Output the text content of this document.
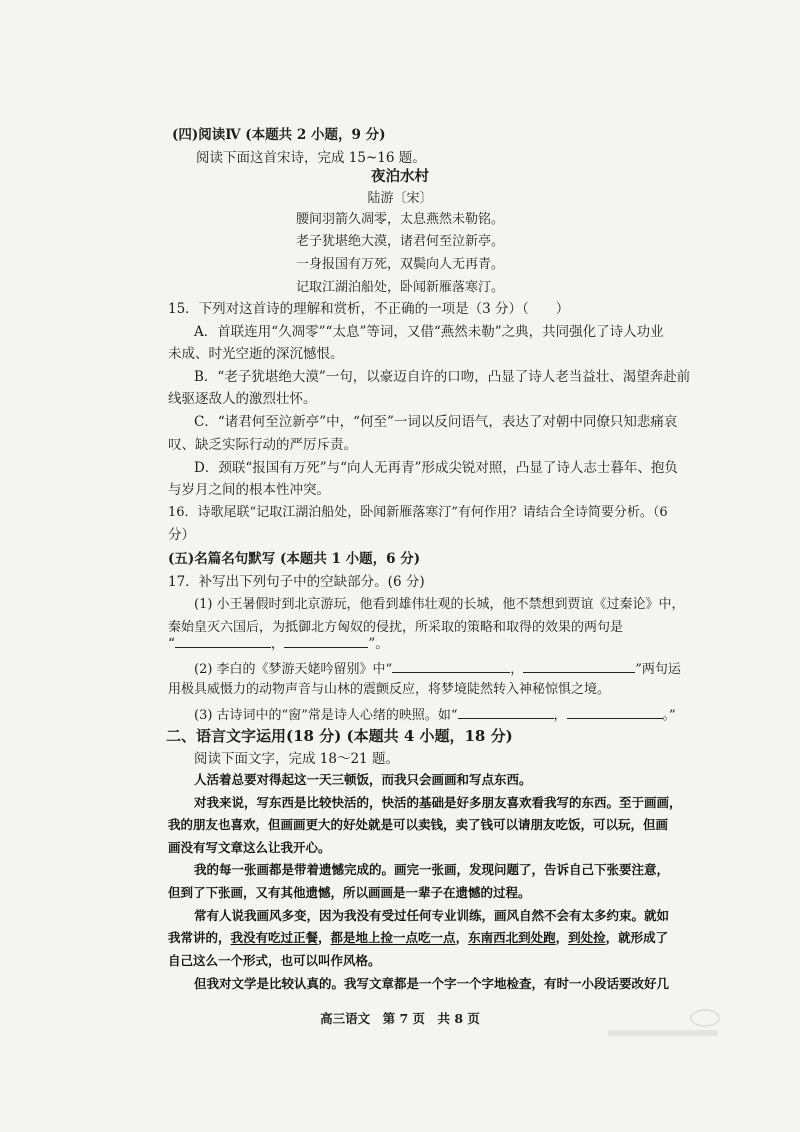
(四)阅读Ⅳ (本题共 2 小题，9 分)
阅读下面这首宋诗，完成 15~16 题。
夜泊水村
陆游〔宋〕
腰间羽箭久凋零，太息燕然未勒铭。
老子犹堪绝大漠，诸君何至泣新亭。
一身报国有万死，双鬓向人无再青。
记取江湖泊船处，卧闻新雁落寒汀。
15．下列对这首诗的理解和赏析，不正确的一项是（3 分）（　　）
A．首联连用“久凋零”“太息”等词，又借“燕然未勒”之典，共同强化了诗人功业
未成、时光空逝的深沉憾恨。
B．“老子犹堪绝大漠”一句，以豪迈自许的口吻，凸显了诗人老当益壮、渴望奔赴前
线驱逐敌人的激烈壮怀。
C．“诸君何至泣新亭”中，“何至”一词以反问语气，表达了对朝中同僚只知悲痛哀
叹、缺乏实际行动的严厉斥责。
D．颈联“报国有万死”与“向人无再青”形成尖锐对照，凸显了诗人志士暮年、抱负
与岁月之间的根本性冲突。
16．诗歌尾联“记取江湖泊船处，卧闻新雁落寒汀”有何作用？请结合全诗简要分析。（6
分）
(五)名篇名句默写 (本题共 1 小题，6 分)
17．补写出下列句子中的空缺部分。(6 分)
(1) 小王暑假时到北京游玩，他看到雄伟壮观的长城，他不禁想到贾谊《过秦论》中，
秦始皇灭六国后，为抵御北方匈奴的侵扰，所采取的策略和取得的效果的两句是
“	，	”。
(2) 李白的《梦游天姥吟留别》中“	，	”两句运
用极具威慑力的动物声音与山林的震颤反应，将梦境陡然转入神秘惊惧之境。
(3) 古诗词中的“窗”常是诗人心绪的映照。如“	，	。”
二、语言文字运用(18 分) (本题共 4 小题，18 分)
阅读下面文字，完成 18～21 题。
人活着总要对得起这一天三顿饭，而我只会画画和写点东西。
对我来说，写东西是比较快活的，快活的基础是好多朋友喜欢看我写的东西。至于画画，
我的朋友也喜欢，但画画更大的好处就是可以卖钱，卖了钱可以请朋友吃饭，可以玩，但画
画没有写文章这么让我开心。
我的每一张画都是带着遗憾完成的。画完一张画，发现问题了，告诉自己下张要注意，
但到了下张画，又有其他遗憾，所以画画是一辈子在遗憾的过程。
常有人说我画风多变，因为我没有受过任何专业训练，画风自然不会有太多约束。就如
我常讲的，我没有吃过正餐，都是地上捡一点吃一点，东南西北到处跑，到处捡，就形成了
自己这么一个形式，也可以叫作风格。
但我对文学是比较认真的。我写文章都是一个字一个字地检查，有时一小段话要改好几
高三语文　第 7 页　共 8 页
